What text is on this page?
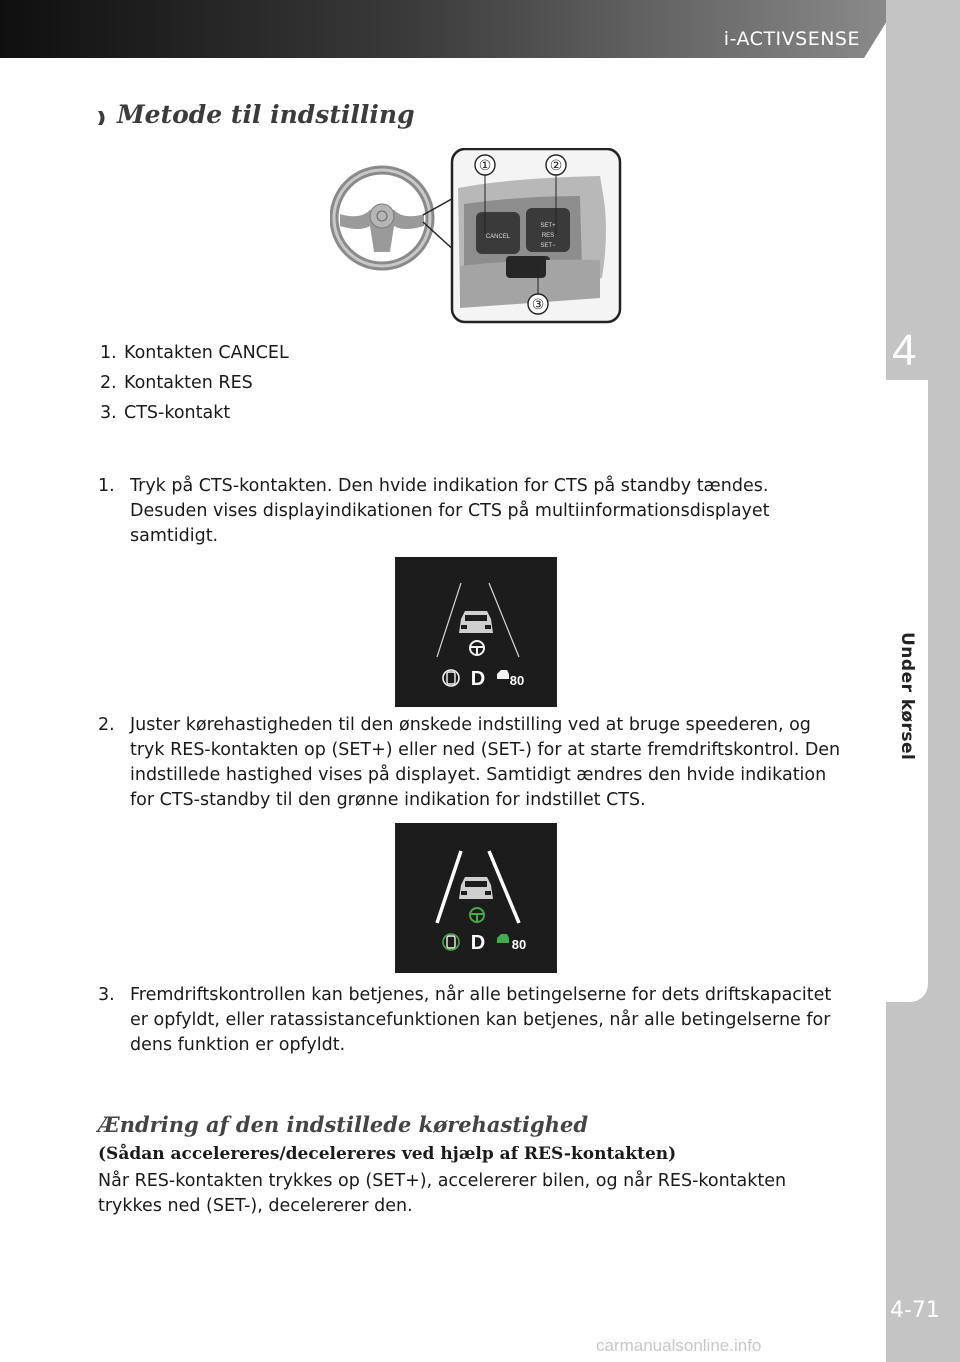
i-ACTIVSENSE
4
Under kørsel
4-71
carmanualsonline.info
Metode til indstilling
CANCEL
SET+
RES
SET−
①	②
③
1. Kontakten CANCEL
2. Kontakten RES
3. CTS-kontakt
1. Tryk på CTS-kontakten. Den hvide indikation for CTS på standby tændes. Desuden vises displayindikationen for CTS på multiinformationsdisplayet samtidigt.
D 80
2. Juster kørehastigheden til den ønskede indstilling ved at bruge speederen, og tryk RES-kontakten op (SET+) eller ned (SET-) for at starte fremdriftskontrol. Den indstillede hastighed vises på displayet. Samtidigt ændres den hvide indikation for CTS-standby til den grønne indikation for indstillet CTS.
D 80
3. Fremdriftskontrollen kan betjenes, når alle betingelserne for dets driftskapacitet er opfyldt, eller ratassistancefunktionen kan betjenes, når alle betingelserne for dens funktion er opfyldt.
Ændring af den indstillede kørehastighed
(Sådan accelereres/decelereres ved hjælp af RES-kontakten)
Når RES-kontakten trykkes op (SET+), accelererer bilen, og når RES-kontakten trykkes ned (SET-), decelererer den.
